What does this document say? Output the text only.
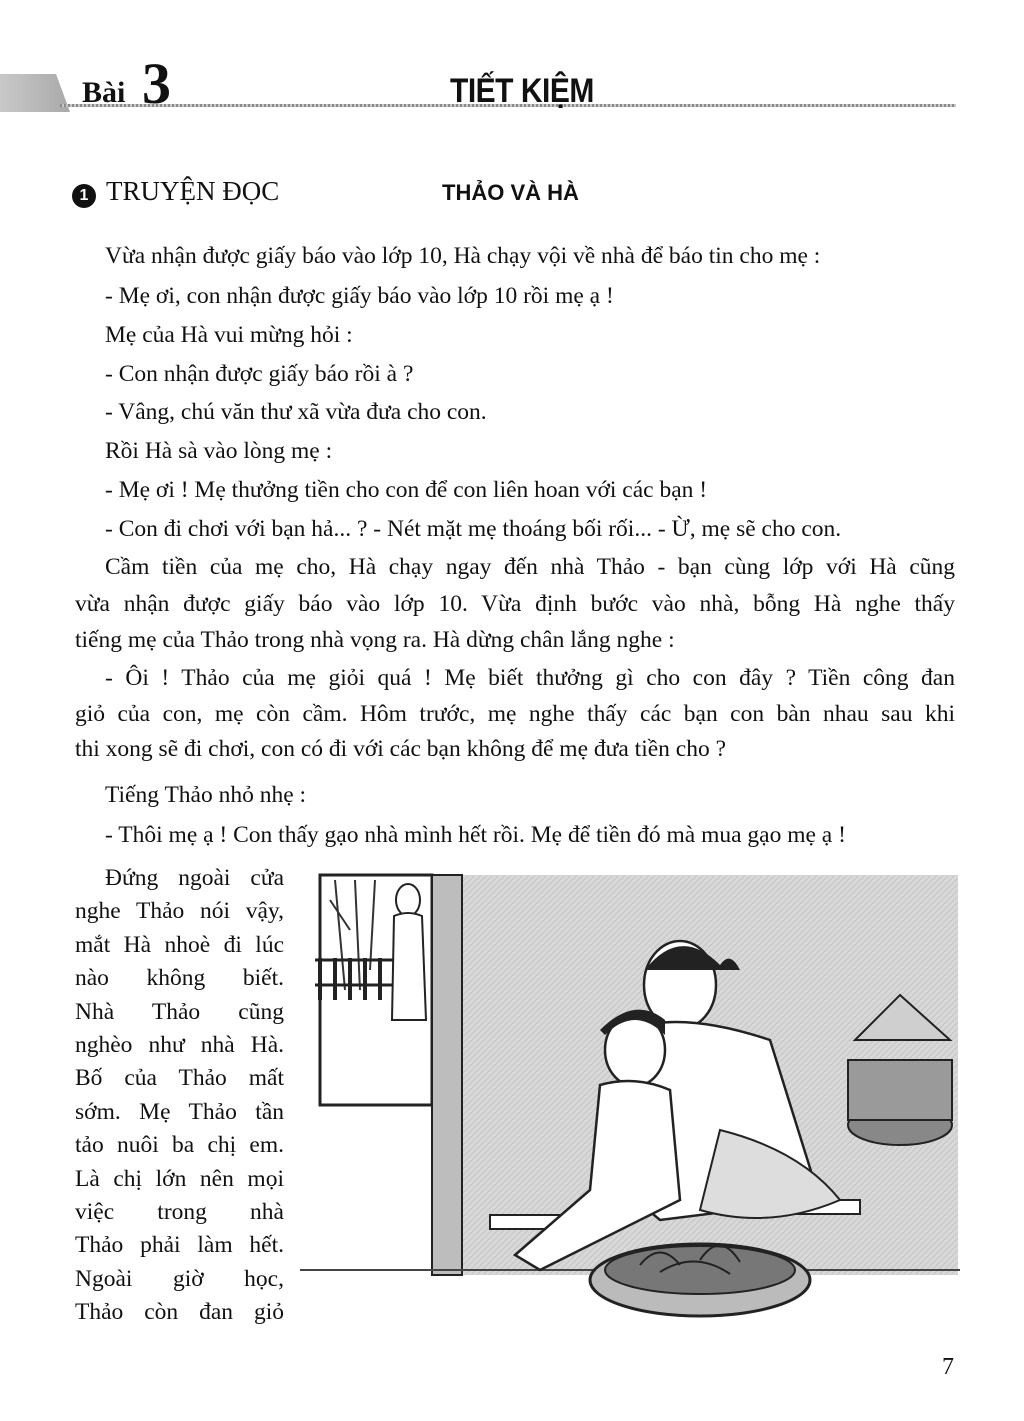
Bài 3	TIẾT KIỆM
1 TRUYỆN ĐỌC	THẢO VÀ HÀ

Vừa nhận được giấy báo vào lớp 10, Hà chạy vội về nhà để báo tin cho mẹ :

- Mẹ ơi, con nhận được giấy báo vào lớp 10 rồi mẹ ạ !

Mẹ của Hà vui mừng hỏi :

- Con nhận được giấy báo rồi à ?

- Vâng, chú văn thư xã vừa đưa cho con.

Rồi Hà sà vào lòng mẹ :

- Mẹ ơi ! Mẹ thưởng tiền cho con để con liên hoan với các bạn !

- Con đi chơi với bạn hả... ? - Nét mặt mẹ thoáng bối rối... - Ừ, mẹ sẽ cho con.

Cầm tiền của mẹ cho, Hà chạy ngay đến nhà Thảo - bạn cùng lớp với Hà cũng

vừa nhận được giấy báo vào lớp 10. Vừa định bước vào nhà, bỗng Hà nghe thấy

tiếng mẹ của Thảo trong nhà vọng ra. Hà dừng chân lắng nghe :

- Ôi ! Thảo của mẹ giỏi quá ! Mẹ biết thưởng gì cho con đây ? Tiền công đan

giỏ của con, mẹ còn cầm. Hôm trước, mẹ nghe thấy các bạn con bàn nhau sau khi

thi xong sẽ đi chơi, con có đi với các bạn không để mẹ đưa tiền cho ?

Tiếng Thảo nhỏ nhẹ :

- Thôi mẹ ạ ! Con thấy gạo nhà mình hết rồi. Mẹ để tiền đó mà mua gạo mẹ ạ !

Đứng ngoài cửa
nghe Thảo nói vậy,
mắt Hà nhoè đi lúc
nào không biết.
Nhà Thảo cũng
nghèo như nhà Hà.
Bố của Thảo mất
sớm. Mẹ Thảo tần
tảo nuôi ba chị em.
Là chị lớn nên mọi
việc trong nhà
Thảo phải làm hết.
Ngoài giờ học,
Thảo còn đan giỏ
7
